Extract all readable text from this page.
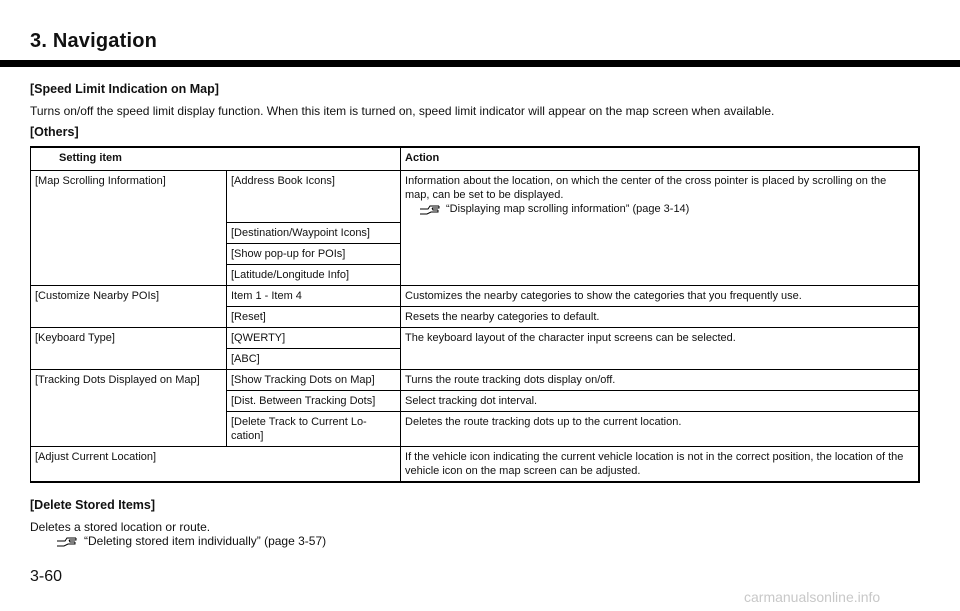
3. Navigation
[Speed Limit Indication on Map]
Turns on/off the speed limit display function. When this item is turned on, speed limit indicator will appear on the map screen when available.
[Others]
Setting item		Action
[Map Scrolling Information]	[Address Book Icons]	Information about the location, on which the center of the cross pointer is placed by scrolling on the map, can be set to be displayed.
“Displaying map scrolling information” (page 3-14)

	[Destination/Waypoint Icons]	
	[Show pop-up for POIs]	
	[Latitude/Longitude Info]	
[Customize Nearby POIs]	Item 1 - Item 4	Customizes the nearby categories to show the categories that you frequently use.
	[Reset]	Resets the nearby categories to default.
[Keyboard Type]	[QWERTY]	The keyboard layout of the character input screens can be selected.
	[ABC]	
[Tracking Dots Displayed on Map]	[Show Tracking Dots on Map]	Turns the route tracking dots display on/off.
	[Dist. Between Tracking Dots]	Select tracking dot interval.
	[Delete Track to Current Lo-cation]	Deletes the route tracking dots up to the current location.
[Adjust Current Location]		If the vehicle icon indicating the current vehicle location is not in the correct position, the location of the vehicle icon on the map screen can be adjusted.
[Delete Stored Items]
Deletes a stored location or route.
“Deleting stored item individually” (page 3-57)
3-60
carmanualsonline.info
